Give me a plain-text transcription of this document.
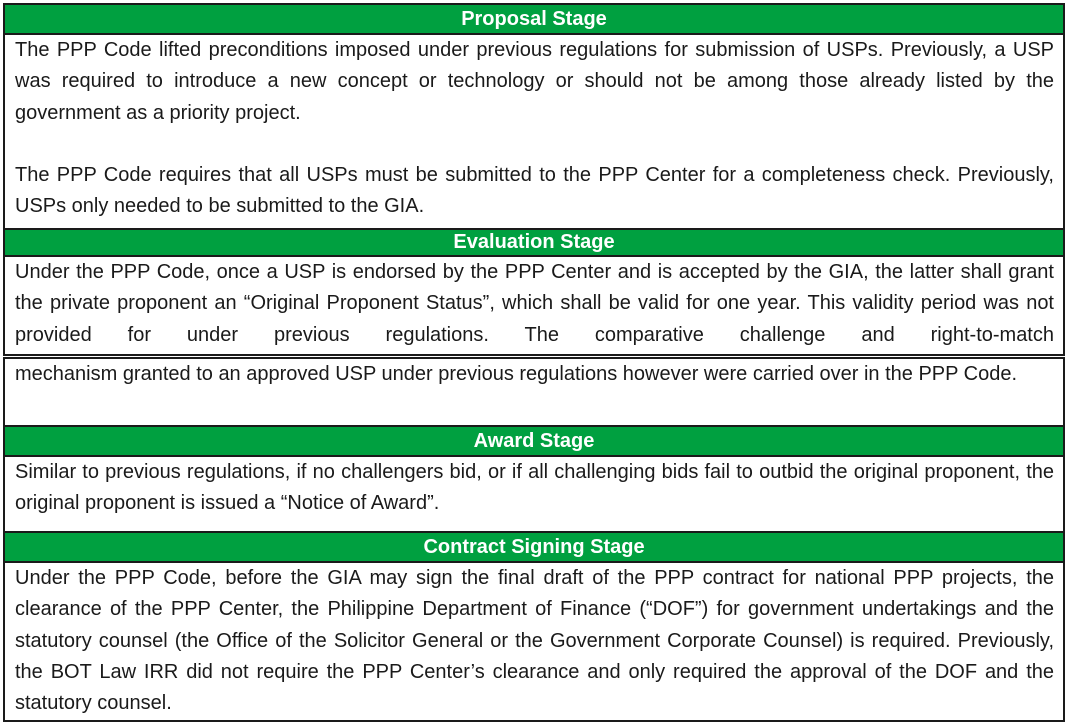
Proposal Stage

The PPP Code lifted preconditions imposed under previous regulations for submission of USPs. Previously, a USP was required to introduce a new concept or technology or should not be among those already listed by the government as a priority project.

The PPP Code requires that all USPs must be submitted to the PPP Center for a completeness check. Previously, USPs only needed to be submitted to the GIA.

Evaluation Stage

Under the PPP Code, once a USP is endorsed by the PPP Center and is accepted by the GIA, the latter shall grant the private proponent an “Original Proponent Status”, which shall be valid for one year. This validity period was not provided for under previous regulations. The comparative challenge and right-to-match

mechanism granted to an approved USP under previous regulations however were carried over in the PPP Code.

Award Stage

Similar to previous regulations, if no challengers bid, or if all challenging bids fail to outbid the original proponent, the original proponent is issued a “Notice of Award”.

Contract Signing Stage

Under the PPP Code, before the GIA may sign the final draft of the PPP contract for national PPP projects, the clearance of the PPP Center, the Philippine Department of Finance (“DOF”) for government undertakings and the statutory counsel (the Office of the Solicitor General or the Government Corporate Counsel) is required. Previously, the BOT Law IRR did not require the PPP Center’s clearance and only required the approval of the DOF and the statutory counsel.
